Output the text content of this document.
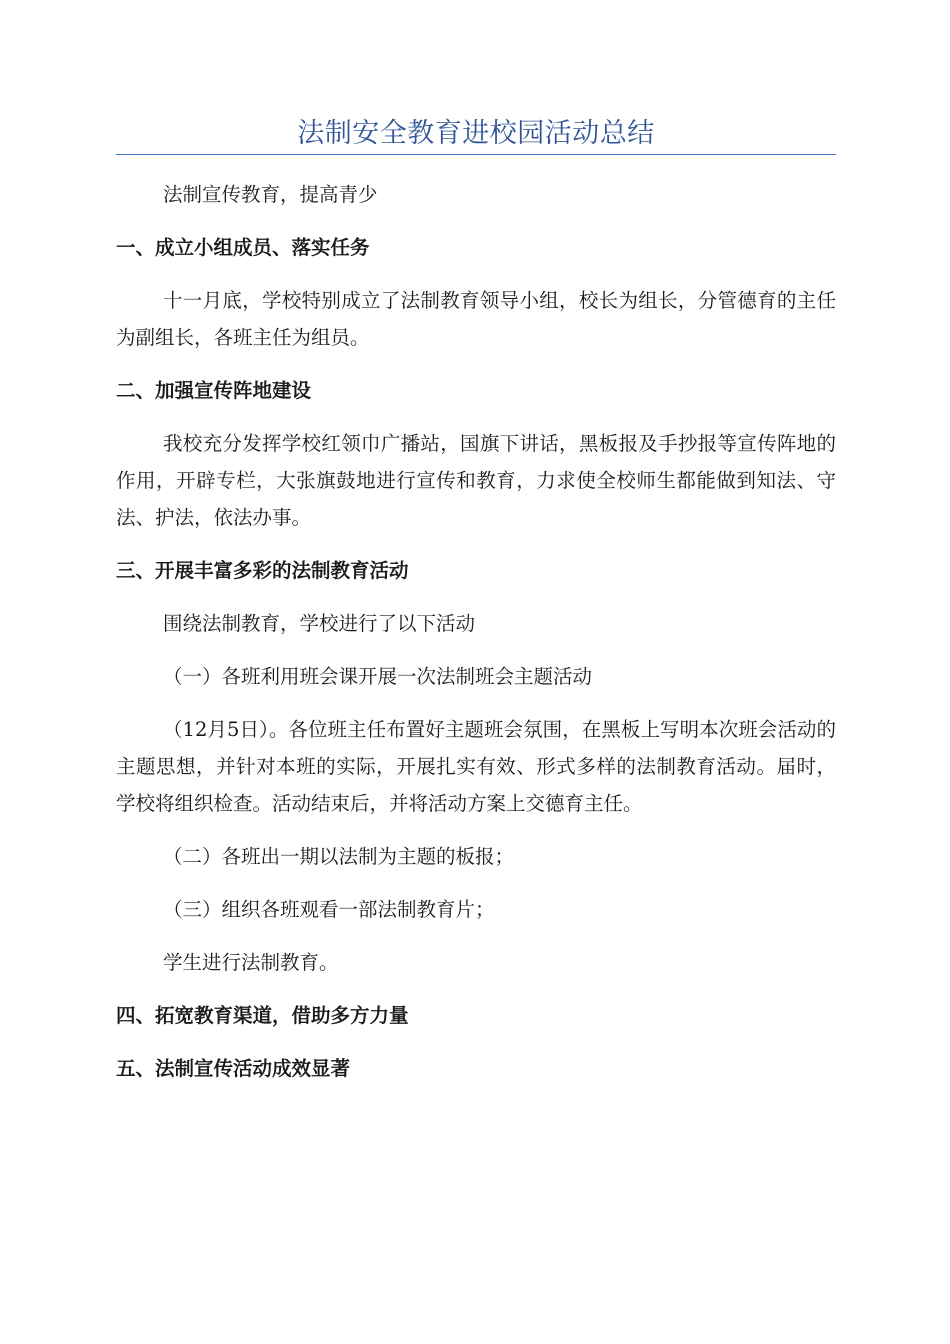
法制安全教育进校园活动总结

法制宣传教育，提高青少

一、成立小组成员、落实任务

十一月底，学校特别成立了法制教育领导小组，校长为组长，分管德育的主任为副组长，各班主任为组员。

二、加强宣传阵地建设

我校充分发挥学校红领巾广播站，国旗下讲话，黑板报及手抄报等宣传阵地的作用，开辟专栏，大张旗鼓地进行宣传和教育，力求使全校师生都能做到知法、守法、护法，依法办事。

三、开展丰富多彩的法制教育活动

围绕法制教育，学校进行了以下活动

（一）各班利用班会课开展一次法制班会主题活动

（12月5日）。各位班主任布置好主题班会氛围，在黑板上写明本次班会活动的主题思想，并针对本班的实际，开展扎实有效、形式多样的法制教育活动。届时，学校将组织检查。活动结束后，并将活动方案上交德育主任。

（二）各班出一期以法制为主题的板报；

（三）组织各班观看一部法制教育片；

学生进行法制教育。

四、拓宽教育渠道，借助多方力量
五、法制宣传活动成效显著
